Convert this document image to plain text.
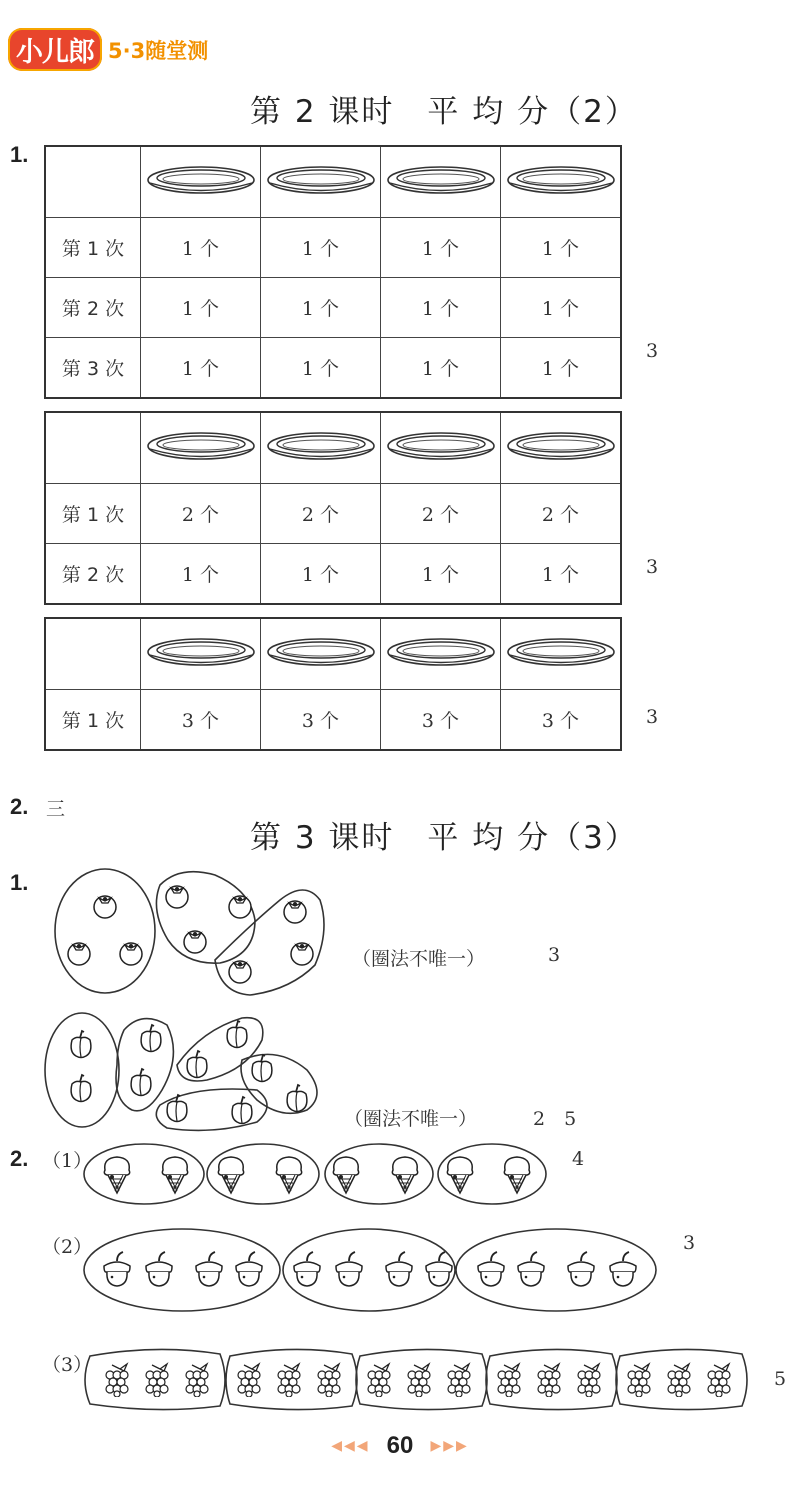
小儿郎 5·3随堂测
第 2 课时　平 均 分（2）
1.

第 1 次	1 个	1 个	1 个	1 个
第 2 次	1 个	1 个	1 个	1 个
第 3 次	1 个	1 个	1 个	1 个
3

第 1 次	2 个	2 个	2 个	2 个
第 2 次	1 个	1 个	1 个	1 个	3

第 1 次	3 个	3 个	3 个	3 个	3
2. 三
第 3 课时　平 均 分（3）
1.
（圈法不唯一）	3
（圈法不唯一）	2　5
2. （1）	4
（2）	3
（3）
5
◀◀◀ 60 ▶▶▶
